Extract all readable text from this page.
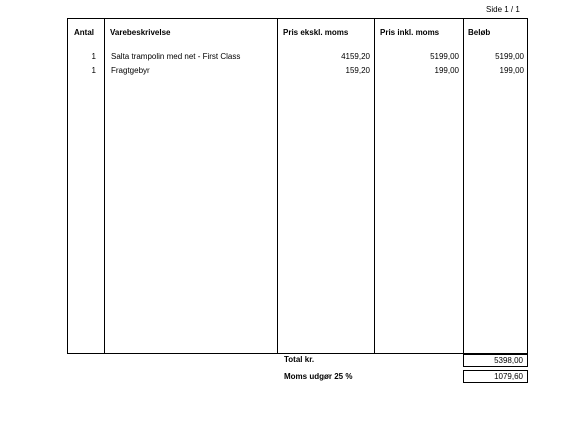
Side 1 / 1
Antal Varebeskrivelse	Pris ekskl. moms	Pris inkl. moms	Beløb
1 Salta trampolin med net - First Class	4159,20	5199,00	5199,00
1 Fragtgebyr	159,20	199,00	199,00
Total kr.	5398,00
Moms udgør 25 %	1079,60
